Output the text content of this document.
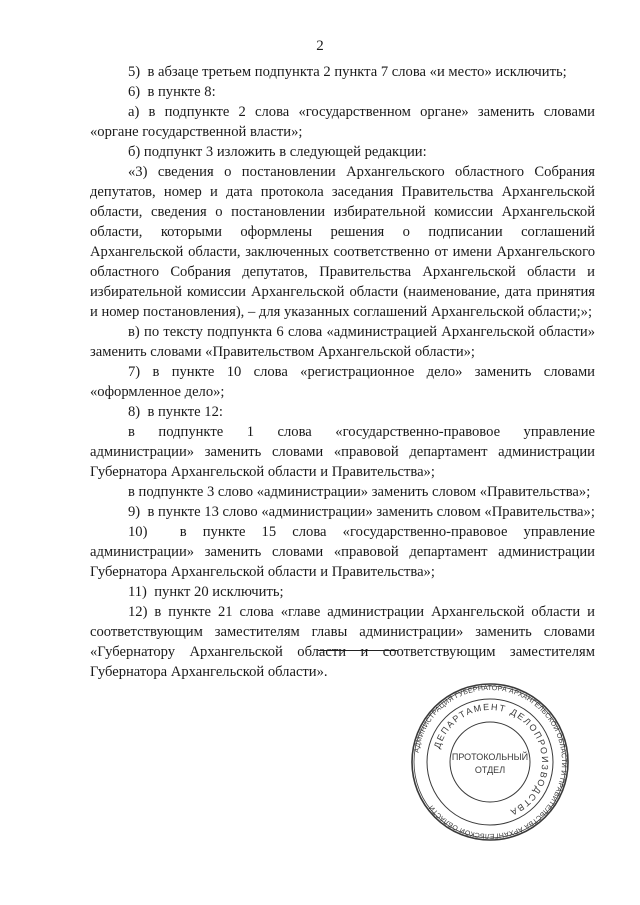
2

5)  в абзаце третьем подпункта 2 пункта 7 слова «и место» исключить;

6)  в пункте 8:

а) в подпункте 2 слова «государственном органе» заменить словами «органе государственной власти»;

б) подпункт 3 изложить в следующей редакции:

«3) сведения о постановлении Архангельского областного Собрания депутатов, номер и дата протокола заседания Правительства Архангельской области, сведения о постановлении избирательной комиссии Архангельской области, которыми оформлены решения о подписании соглашений Архангельской области, заключенных соответственно от имени Архангельского областного Собрания депутатов, Правительства Архангельской области и избирательной комиссии Архангельской области (наименование, дата принятия и номер постановления), – для указанных соглашений Архангельской области;»;

в) по тексту подпункта 6 слова «администрацией Архангельской области» заменить словами «Правительством Архангельской области»;

7) в пункте 10 слова «регистрационное дело» заменить словами «оформленное дело»;

8)  в пункте 12:

в подпункте 1 слова «государственно-правовое управление администрации» заменить словами «правовой департамент администрации Губернатора Архангельской области и Правительства»;

в подпункте 3 слово «администрации» заменить словом «Правительства»;

9)  в пункте 13 слово «администрации» заменить словом «Правительства»;

10)  в пункте 15 слова «государственно-правовое управление администрации» заменить словами «правовой департамент администрации Губернатора Архангельской области и Правительства»;

11)  пункт 20 исключить;

12) в пункте 21 слова «главе администрации Архангельской области и соответствующим заместителям главы администрации» заменить словами «Губернатору Архангельской области и соответствующим заместителям Губернатора Архангельской области».

АДМИНИСТРАЦИЯ ГУБЕРНАТОРА АРХАНГЕЛЬСКОЙ ОБЛАСТИ И ПРАВИТЕЛЬСТВА АРХАНГЕЛЬСКОЙ ОБЛАСТИ
ДЕПАРТАМЕНТ ДЕЛОПРОИЗВОДСТВА
ПРОТОКОЛЬНЫЙ
ОТДЕЛ
